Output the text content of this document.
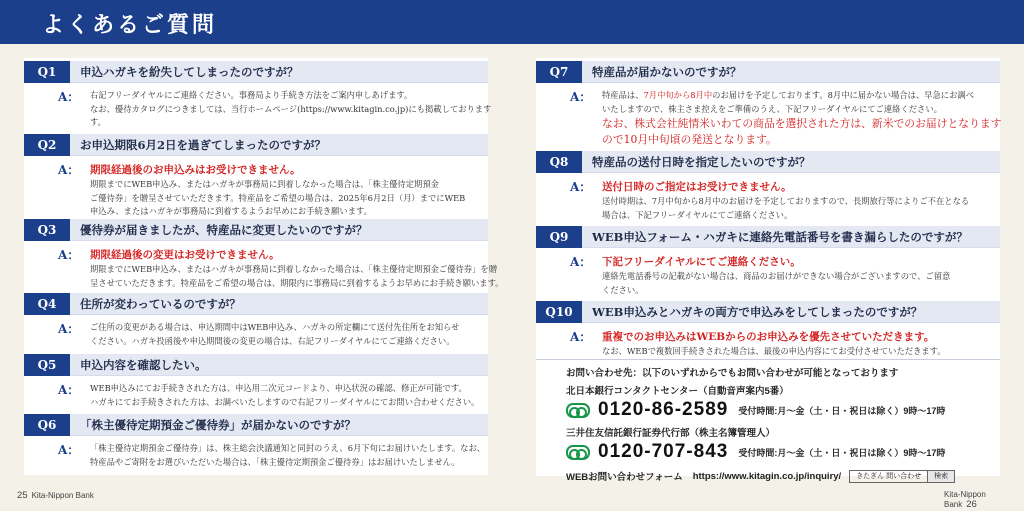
よくあるご質問
Q1	申込ハガキを紛失してしまったのですが？
A： 右記フリーダイヤルにご連絡ください。事務局より手続き方法をご案内申しあげます。
なお、優待カタログにつきましては、当行ホームページ(https://www.kitagin.co.jp)にも掲載しております
す。
Q2	お申込期限6月2日を過ぎてしまったのですが？
A： 期限経過後のお申込みはお受けできません。
期限までにWEB申込み、またはハガキが事務局に到着しなかった場合は、「株主優待定期預金
ご優待券」を贈呈させていただきます。特産品をご希望の場合は、2025年6月2日（月）までにWEB
申込み、またはハガキが事務局に到着するようお早めにお手続き願います。
Q3	優待券が届きましたが、特産品に変更したいのですが？
A： 期限経過後の変更はお受けできません。
期限までにWEB申込み、またはハガキが事務局に到着しなかった場合は、「株主優待定期預金ご優待券」を贈
呈させていただきます。特産品をご希望の場合は、期限内に事務局に到着するようお早めにお手続き願います。
Q4	住所が変わっているのですが？
A： ご住所の変更がある場合は、申込期間中はWEB申込み、ハガキの所定欄にて送付先住所をお知らせ
ください。ハガキ投函後や申込期間後の変更の場合は、右記フリーダイヤルにてご連絡ください。
Q5	申込内容を確認したい。
A： WEB申込みにてお手続きされた方は、申込用二次元コードより、申込状況の確認、修正が可能です。
ハガキにてお手続きされた方は、お調べいたしますので右記フリーダイヤルにてお問い合わせください。
Q6	「株主優待定期預金ご優待券」が届かないのですが？
A： 「株主優待定期預金ご優待券」は、株主総会決議通知と同封のうえ、6月下旬にお届けいたします。なお、
特産品やご寄附をお選びいただいた場合は、「株主優待定期預金ご優待券」はお届けいたしません。
Q7	特産品が届かないのですが？
A： 特産品は、7月中旬から8月中のお届けを予定しております。8月中に届かない場合は、早急にお調べ
いたしますので、株主さま控えをご準備のうえ、下記フリーダイヤルにてご連絡ください。
なお、株式会社純情米いわての商品を選択された方は、新米でのお届けとなります
ので10月中旬頃の発送となります。
Q8	特産品の送付日時を指定したいのですが？
A： 送付日時のご指定はお受けできません。
送付時期は、7月中旬から8月中のお届けを予定しておりますので、長期旅行等によりご不在となる
場合は、下記フリーダイヤルにてご連絡ください。
Q9	WEB申込フォーム・ハガキに連絡先電話番号を書き漏らしたのですが？
A： 下記フリーダイヤルにてご連絡ください。
連絡先電話番号の記載がない場合は、商品のお届けができない場合がございますので、ご留意
ください。
Q10	WEB申込みとハガキの両方で申込みをしてしまったのですが？
A： 重複でのお申込みはWEBからのお申込みを優先させていただきます。
なお、WEBで複数回手続きされた場合は、最後の申込内容にてお受付させていただきます。
お問い合わせ先：以下のいずれからでもお問い合わせが可能となっております
北日本銀行コンタクトセンター（自動音声案内5番）
0120-86-2589 受付時間:月～金（土・日・祝日は除く）9時～17時
三井住友信託銀行証券代行部（株主名簿管理人）
0120-707-843 受付時間:月～金（土・日・祝日は除く）9時～17時
WEBお問い合わせフォーム https://www.kitagin.co.jp/inquiry/	きたぎん 問い合わせ	検索
25 Kita-Nippon Bank	Kita-Nippon Bank 26
